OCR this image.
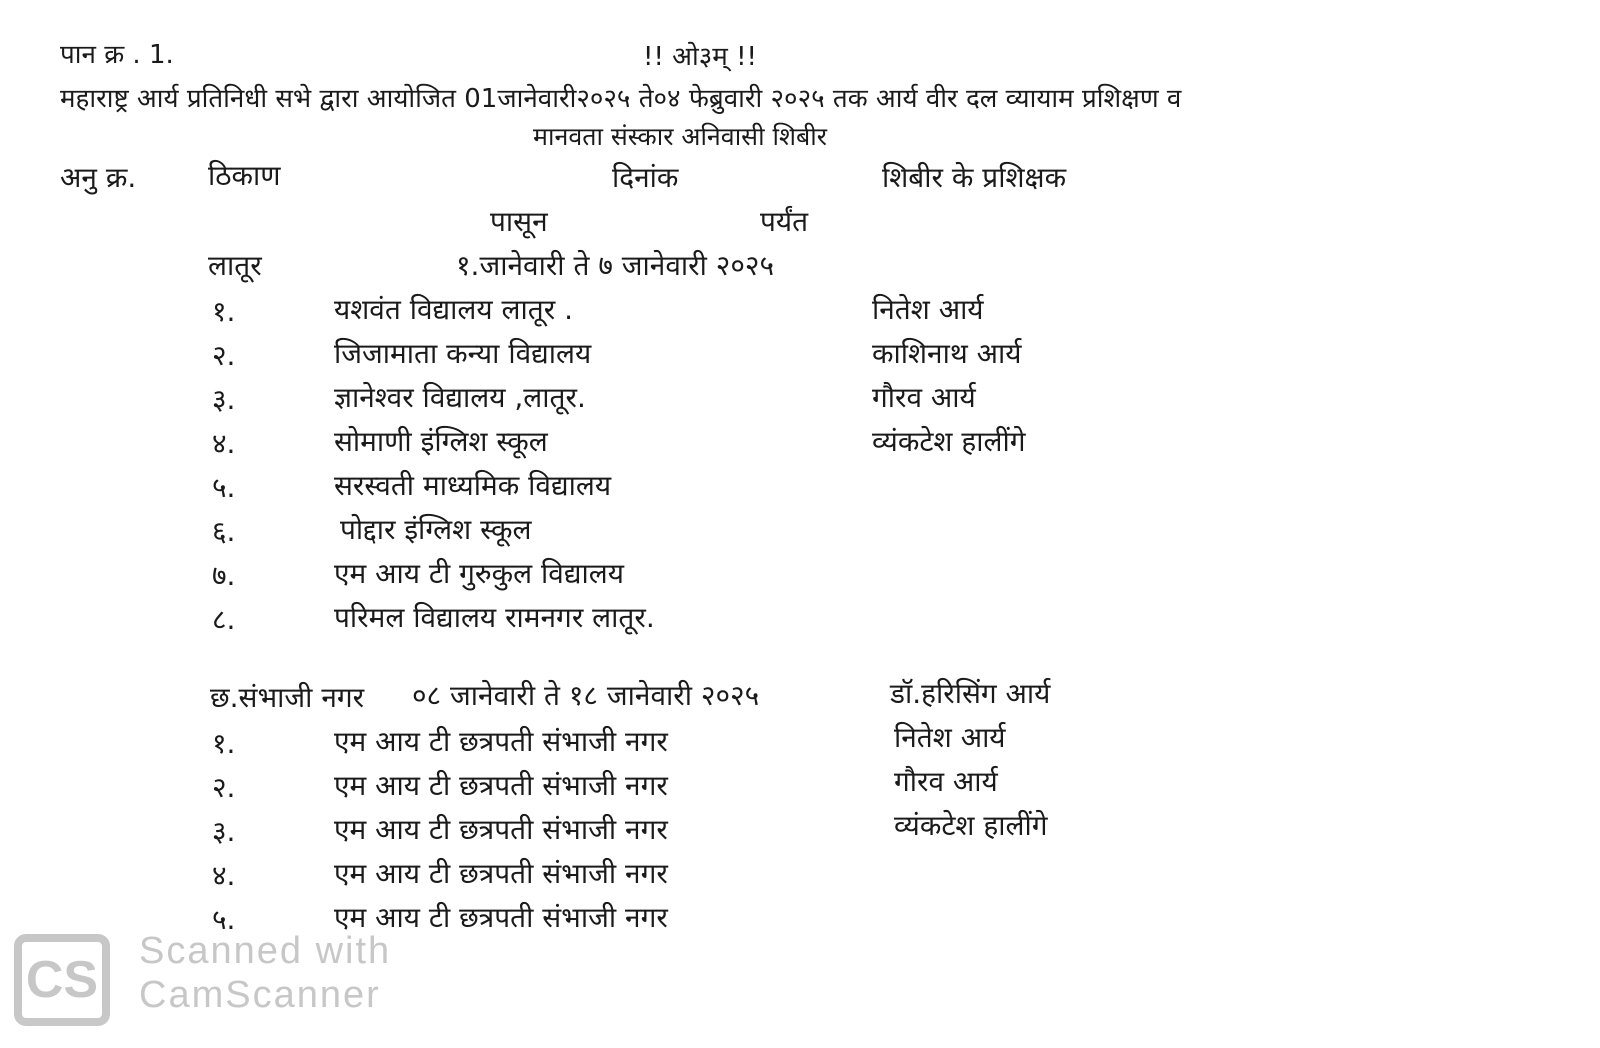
पान क्र . 1.	!! ओ३म् !!
महाराष्ट्र आर्य प्रतिनिधी सभे द्वारा आयोजित 01जानेवारी२०२५ ते०४ फेब्रुवारी २०२५ तक आर्य वीर दल व्यायाम प्रशिक्षण व
मानवता संस्कार अनिवासी शिबीर
अनु क्र.	ठिकाण	दिनांक	शिबीर के प्रशिक्षक
पासून	पर्यंत
लातूर	१.जानेवारी ते ७ जानेवारी २०२५
१.	यशवंत विद्यालय लातूर .	नितेश आर्य
२.	जिजामाता कन्या विद्यालय	काशिनाथ आर्य
३.	ज्ञानेश्वर विद्यालय ,लातूर.	गौरव आर्य
४.	सोमाणी इंग्लिश स्कूल	व्यंकटेश हालींगे
५.	सरस्वती माध्यमिक विद्यालय
६.	पोद्दार इंग्लिश स्कूल
७.	एम आय टी गुरुकुल विद्यालय
८.	परिमल विद्यालय रामनगर लातूर.
छ.संभाजी नगर ०८ जानेवारी ते १८ जानेवारी २०२५	डॉ.हरिसिंग आर्य
१.	एम आय टी छत्रपती संभाजी नगर	नितेश आर्य
२.	एम आय टी छत्रपती संभाजी नगर	गौरव आर्य
३.	एम आय टी छत्रपती संभाजी नगर	व्यंकटेश हालींगे
४.	एम आय टी छत्रपती संभाजी नगर
५.	एम आय टी छत्रपती संभाजी नगर
CS	Scanned with
CamScanner
